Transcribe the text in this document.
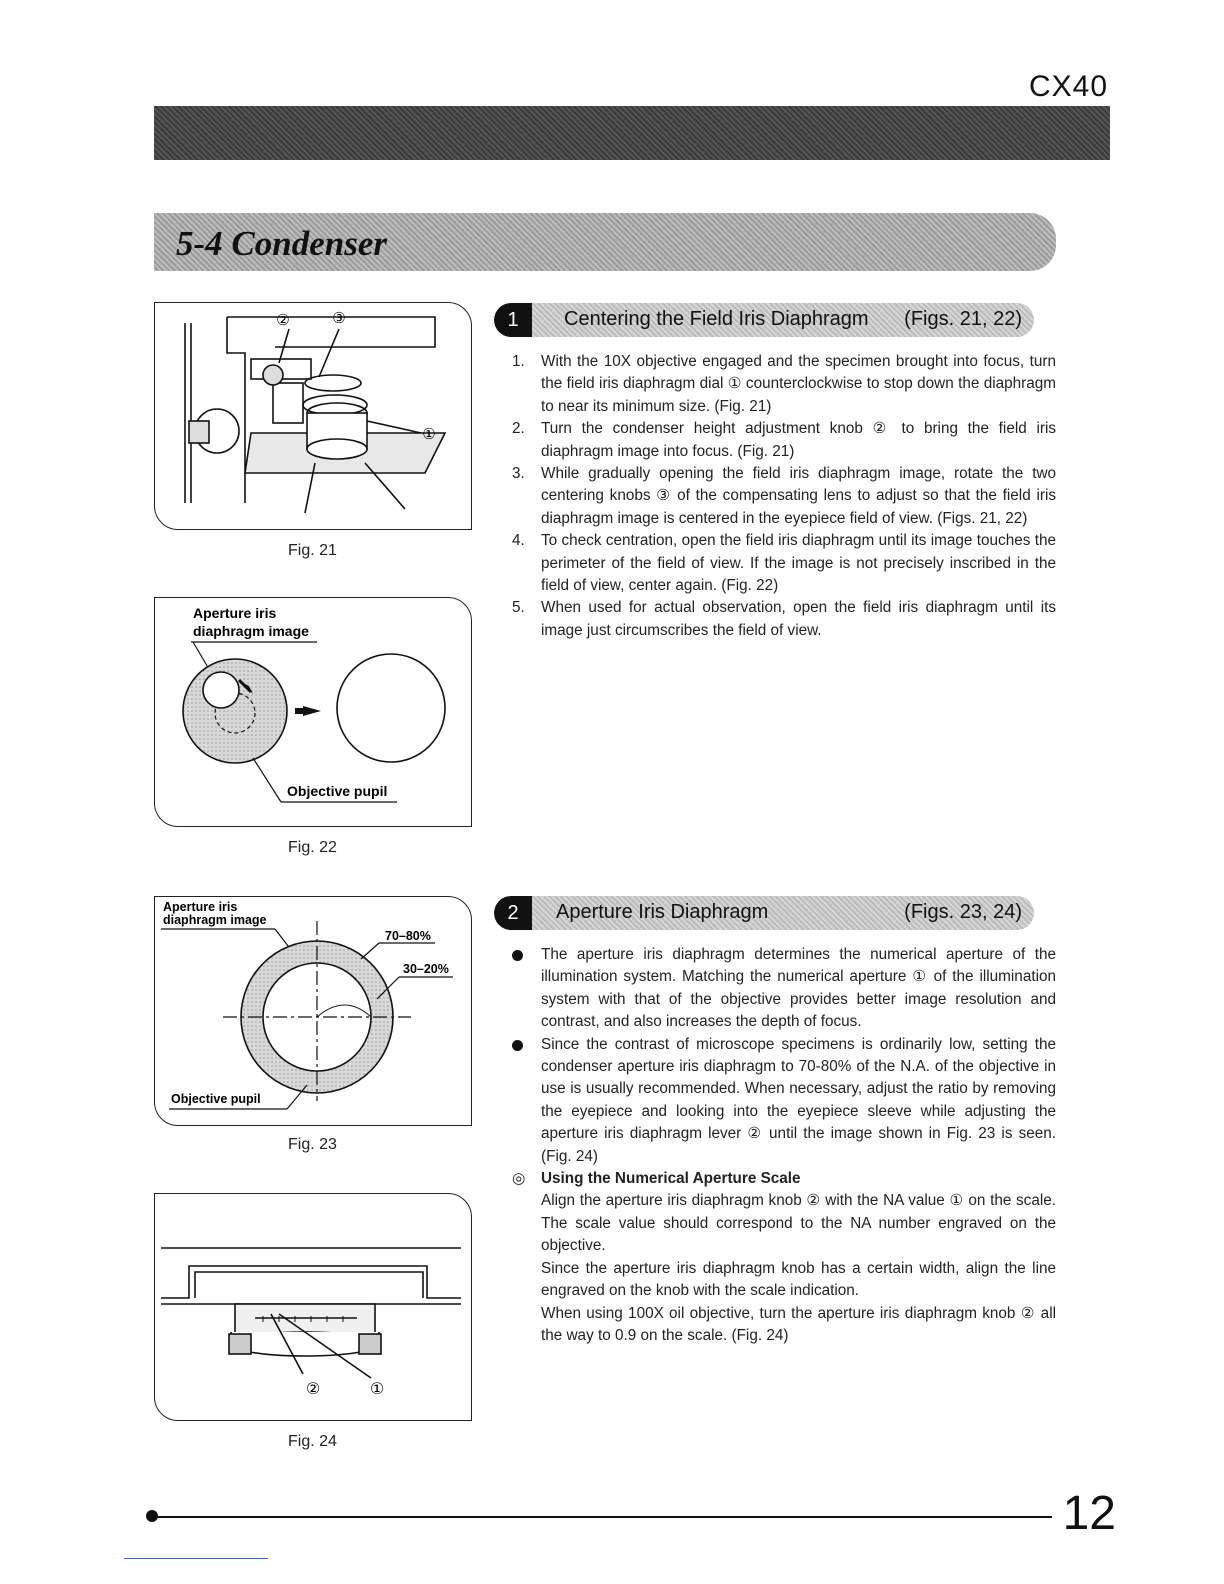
CX40
5-4 Condenser
②	③
①
Fig. 21
Aperture iris
diaphragm image
Objective pupil
Fig. 22
Aperture iris
diaphragm image
70–80%
30–20%
Objective pupil
Fig. 23
②	①
Fig. 24
1	Centering the Field Iris Diaphragm (Figs. 21, 22)
1. With the 10X objective engaged and the specimen brought into focus, turn the field iris diaphragm dial ① counterclockwise to stop down the diaphragm to near its minimum size. (Fig. 21)

2. Turn the condenser height adjustment knob ② to bring the field iris diaphragm image into focus. (Fig. 21)

3. While gradually opening the field iris diaphragm image, rotate the two centering knobs ③ of the compensating lens to adjust so that the field iris diaphragm image is centered in the eyepiece field of view. (Figs. 21, 22)

4. To check centration, open the field iris diaphragm until its image touches the perimeter of the field of view. If the image is not precisely inscribed in the field of view, center again. (Fig. 22)

5. When used for actual observation, open the field iris diaphragm until its image just circumscribes the field of view.

2	Aperture Iris Diaphragm	(Figs. 23, 24)

The aperture iris diaphragm determines the numerical aperture of the illumination system. Matching the numerical aperture ① of the illumination system with that of the objective provides better image resolution and contrast, and also increases the depth of focus.

Since the contrast of microscope specimens is ordinarily low, setting the condenser aperture iris diaphragm to 70-80% of the N.A. of the objective in use is usually recommended. When necessary, adjust the ratio by removing the eyepiece and looking into the eyepiece sleeve while adjusting the aperture iris diaphragm lever ② until the image shown in Fig. 23 is seen. (Fig. 24)

◎ Using the Numerical Aperture Scale

Align the aperture iris diaphragm knob ② with the NA value ① on the scale. The scale value should correspond to the NA number engraved on the objective.

Since the aperture iris diaphragm knob has a certain width, align the line engraved on the knob with the scale indication.

When using 100X oil objective, turn the aperture iris diaphragm knob ② all the way to 0.9 on the scale. (Fig. 24)

12
